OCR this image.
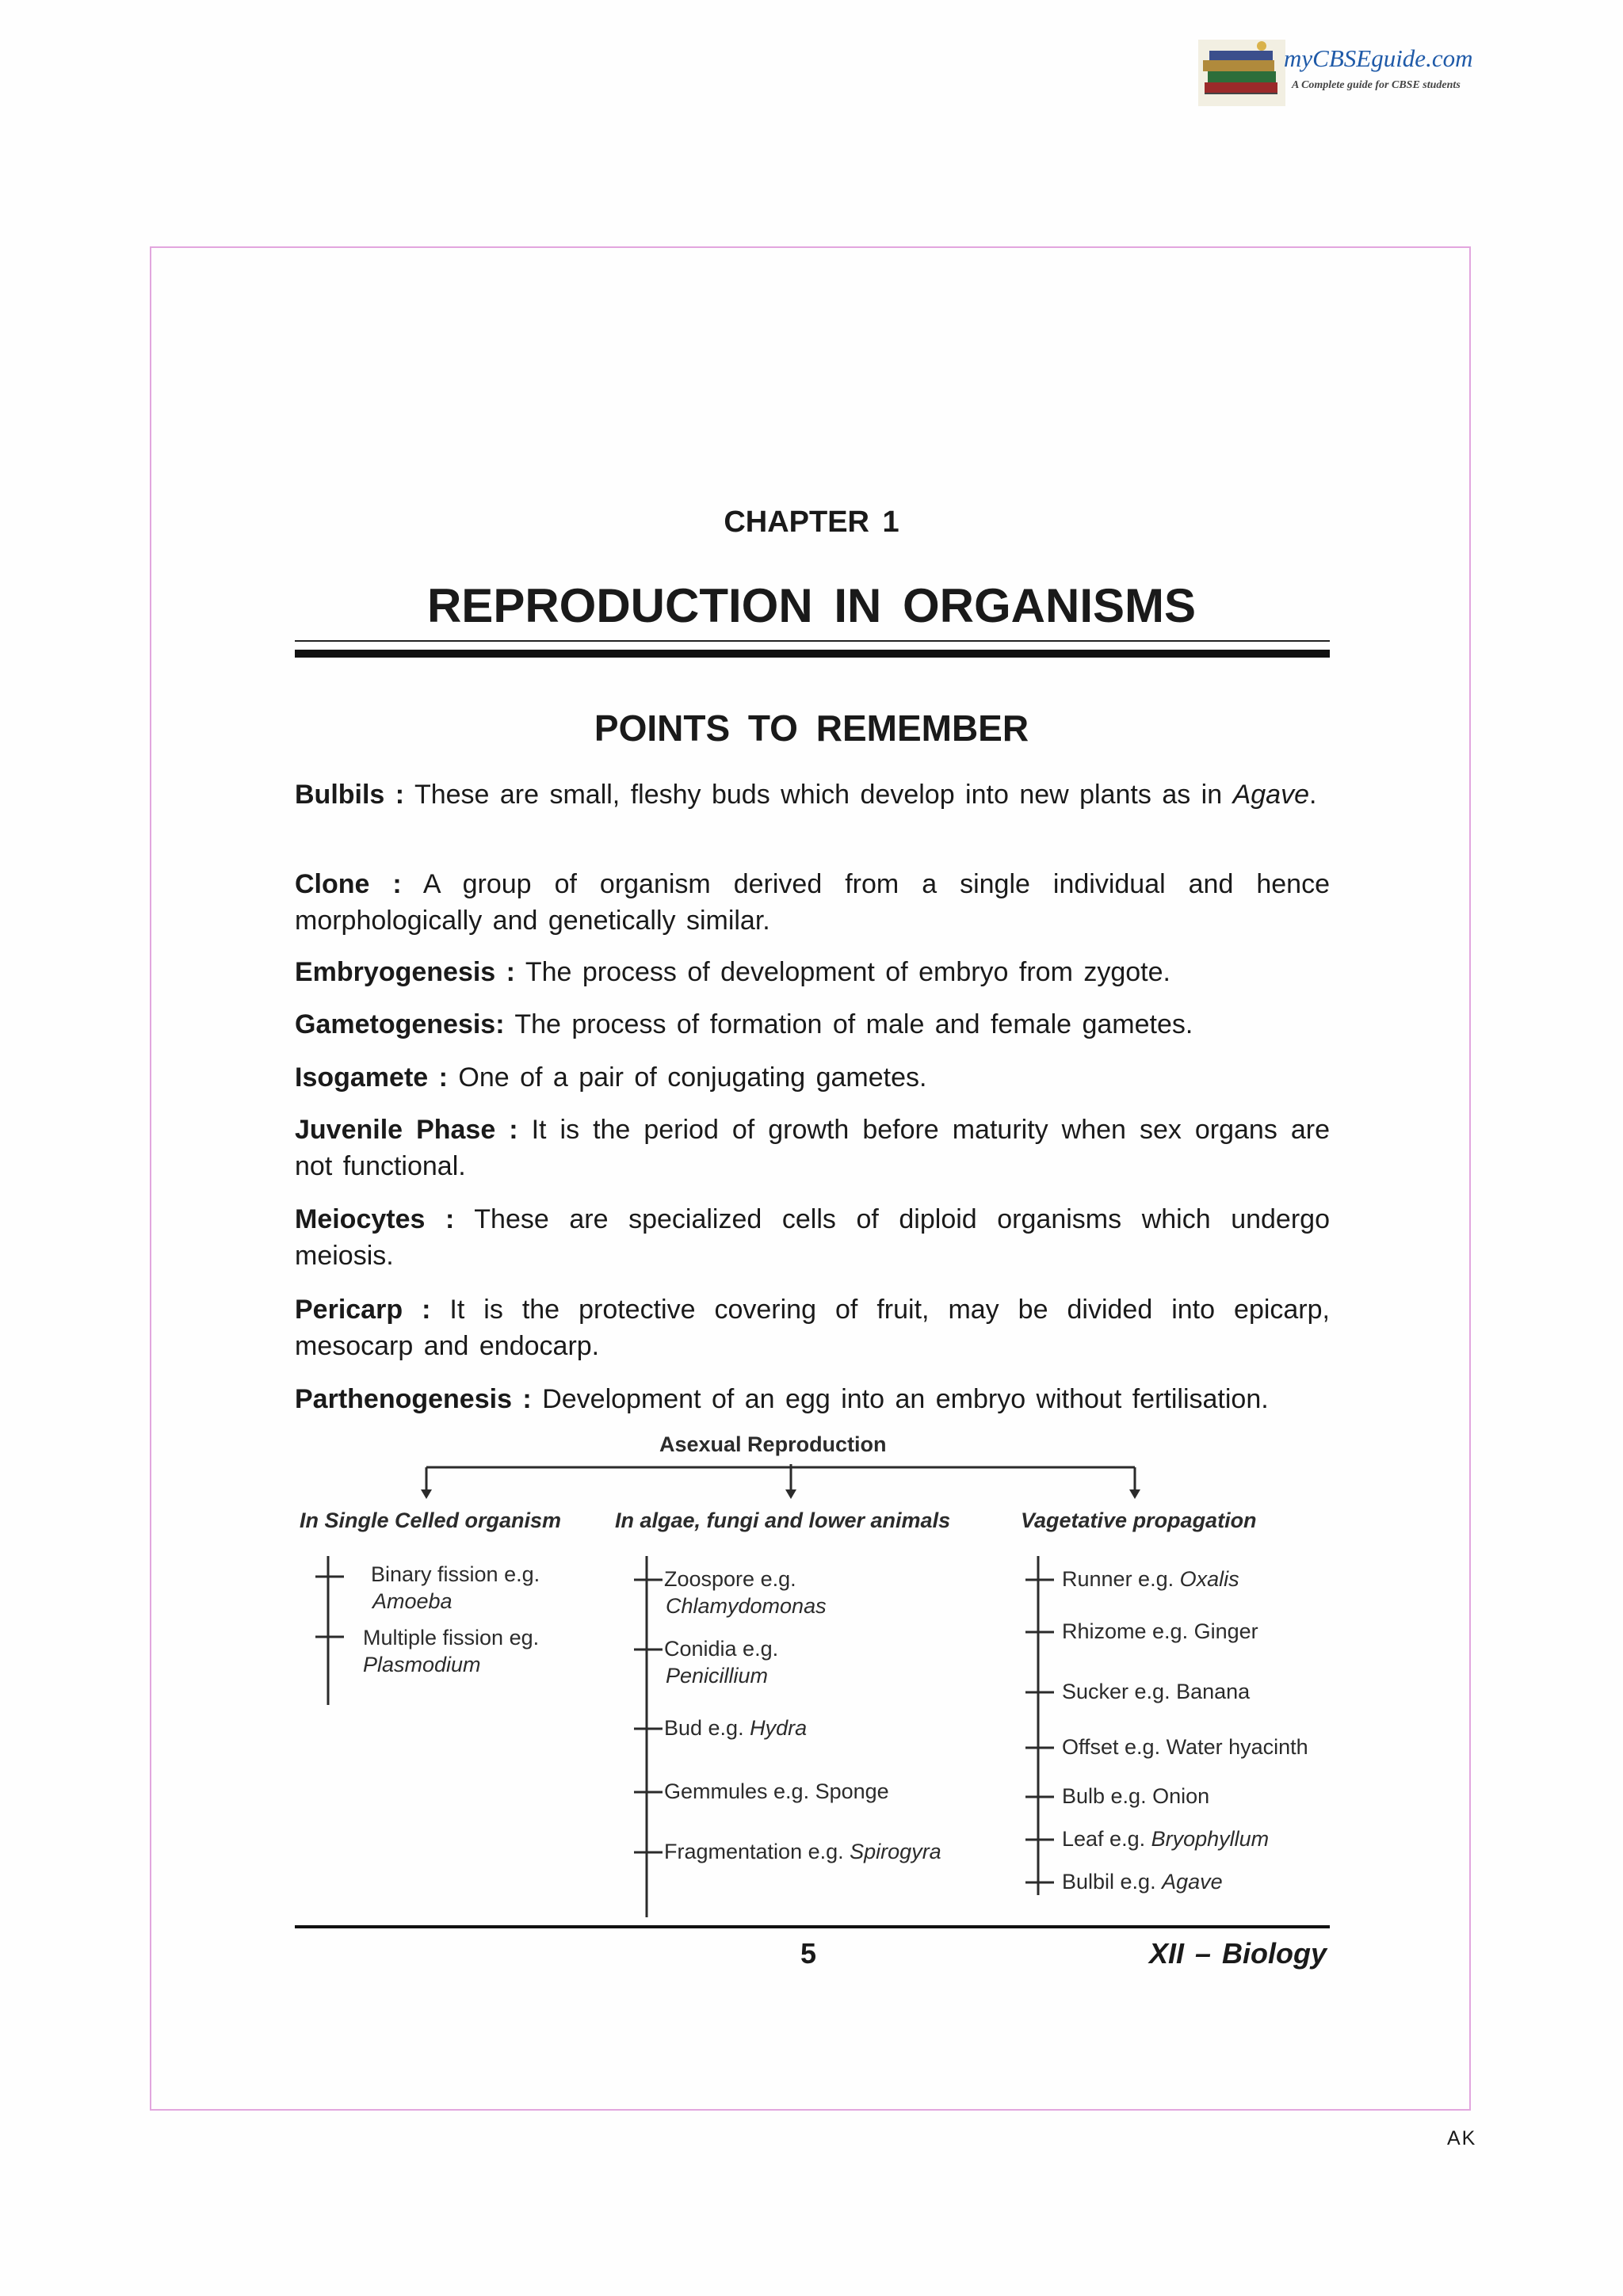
myCBSEguide.com
A Complete guide for CBSE students
CHAPTER 1
REPRODUCTION IN ORGANISMS
POINTS TO REMEMBER
Bulbils : These are small, fleshy buds which develop into new plants as in Agave.
Clone : A group of organism derived from a single individual and hence morphologically and genetically similar.
Embryogenesis : The process of development of embryo from zygote.
Gametogenesis: The process of formation of male and female gametes.
Isogamete : One of a pair of conjugating gametes.
Juvenile Phase : It is the period of growth before maturity when sex organs are not functional.
Meiocytes : These are specialized cells of diploid organisms which undergo meiosis.
Pericarp : It is the protective covering of fruit, may be divided into epicarp, mesocarp and endocarp.
Parthenogenesis : Development of an egg into an embryo without fertilisation.
Asexual Reproduction
In Single Celled organism	In algae, fungi and lower animals	Vagetative propagation
Binary fission e.g.
Amoeba
Multiple fission eg.
Plasmodium
Zoospore e.g.
Chlamydomonas
Conidia e.g.
Penicillium
Bud e.g. Hydra
Gemmules e.g. Sponge
Fragmentation e.g. Spirogyra
Runner e.g. Oxalis
Rhizome e.g. Ginger
Sucker e.g. Banana
Offset e.g. Water hyacinth
Bulb e.g. Onion
Leaf e.g. Bryophyllum
Bulbil e.g. Agave
5	XII – Biology
AK
